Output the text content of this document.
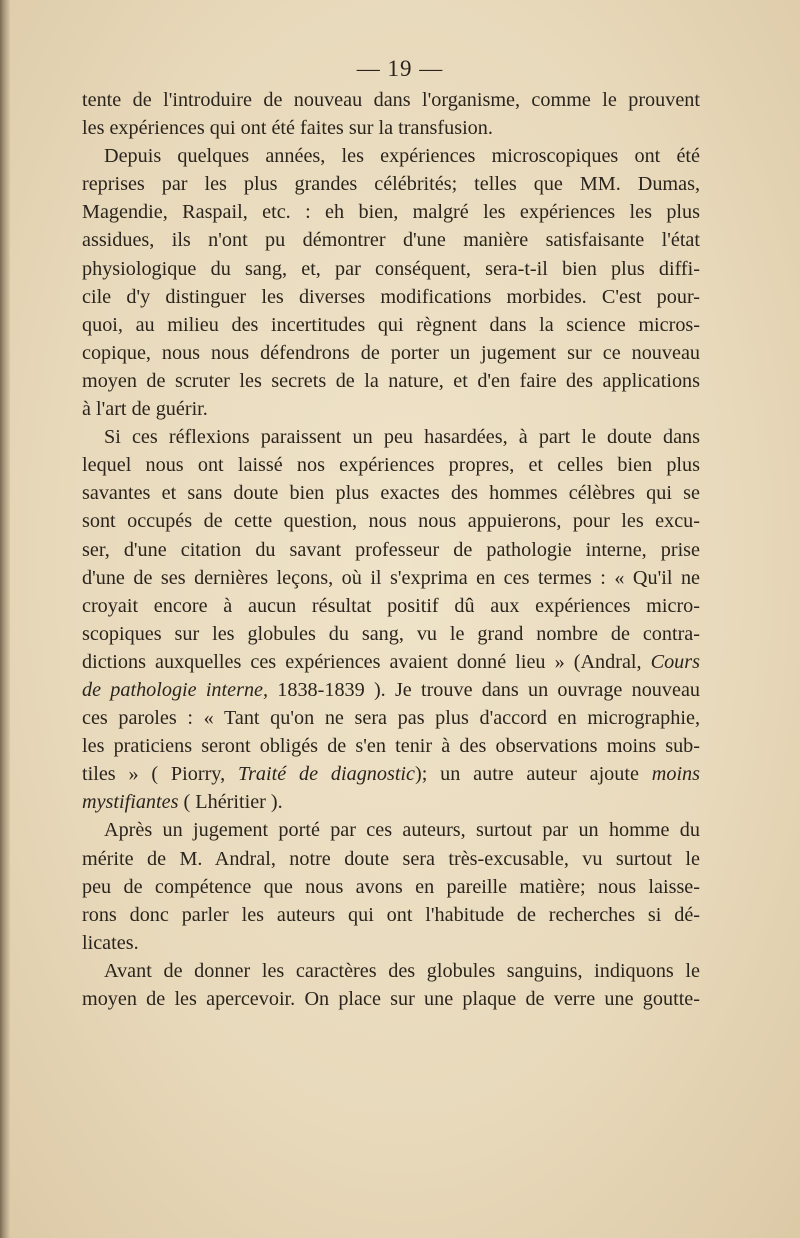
— 19 —

tente de l'introduire de nouveau dans l'organisme, comme le prouvent
les expériences qui ont été faites sur la transfusion.

Depuis quelques années, les expériences microscopiques ont été
reprises par les plus grandes célébrités; telles que MM. Dumas,
Magendie, Raspail, etc. : eh bien, malgré les expériences les plus
assidues, ils n'ont pu démontrer d'une manière satisfaisante l'état
physiologique du sang, et, par conséquent, sera-t-il bien plus diffi-
cile d'y distinguer les diverses modifications morbides. C'est pour-
quoi, au milieu des incertitudes qui règnent dans la science micros-
copique, nous nous défendrons de porter un jugement sur ce nouveau
moyen de scruter les secrets de la nature, et d'en faire des applications
à l'art de guérir.

Si ces réflexions paraissent un peu hasardées, à part le doute dans
lequel nous ont laissé nos expériences propres, et celles bien plus
savantes et sans doute bien plus exactes des hommes célèbres qui se
sont occupés de cette question, nous nous appuierons, pour les excu-
ser, d'une citation du savant professeur de pathologie interne, prise
d'une de ses dernières leçons, où il s'exprima en ces termes : « Qu'il ne
croyait encore à aucun résultat positif dû aux expériences micro-
scopiques sur les globules du sang, vu le grand nombre de contra-
dictions auxquelles ces expériences avaient donné lieu » (Andral, Cours
de pathologie interne, 1838-1839 ). Je trouve dans un ouvrage nouveau
ces paroles : « Tant qu'on ne sera pas plus d'accord en micrographie,
les praticiens seront obligés de s'en tenir à des observations moins sub-
tiles » ( Piorry, Traité de diagnostic); un autre auteur ajoute moins
mystifiantes ( Lhéritier ).

Après un jugement porté par ces auteurs, surtout par un homme du
mérite de M. Andral, notre doute sera très-excusable, vu surtout le
peu de compétence que nous avons en pareille matière; nous laisse-
rons donc parler les auteurs qui ont l'habitude de recherches si dé-
licates.

Avant de donner les caractères des globules sanguins, indiquons le
moyen de les apercevoir. On place sur une plaque de verre une goutte-
